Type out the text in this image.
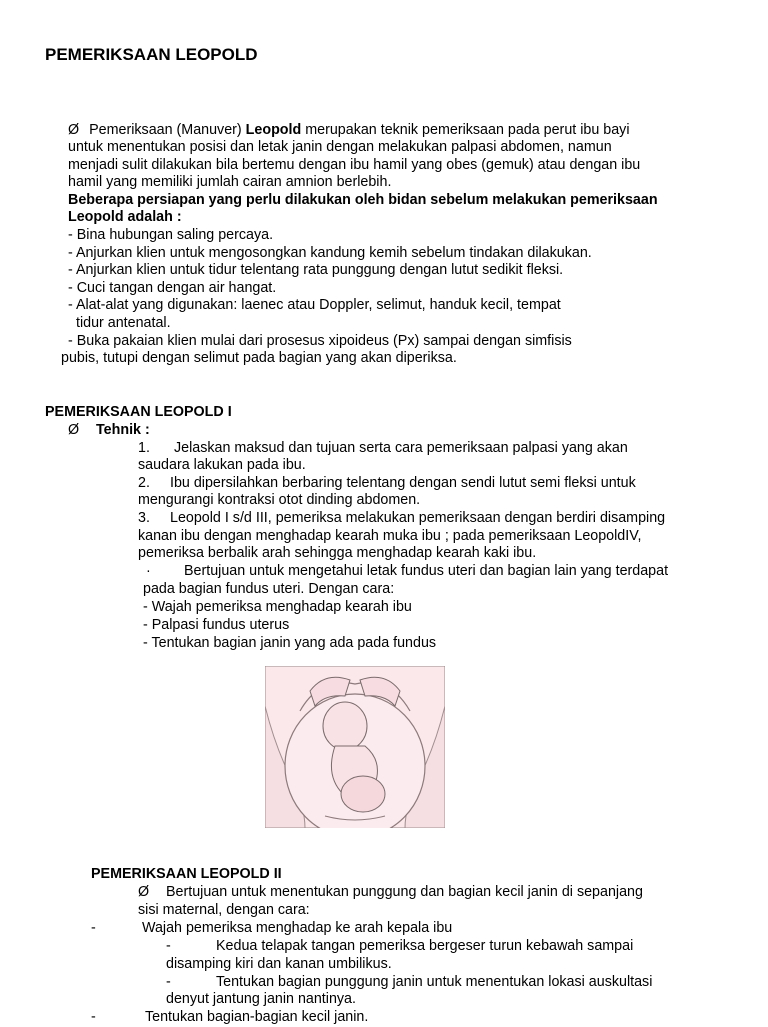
PEMERIKSAAN LEOPOLD
Ø Pemeriksaan (Manuver) Leopold merupakan teknik pemeriksaan pada perut ibu bayi
untuk menentukan posisi dan letak janin dengan melakukan palpasi abdomen, namun
menjadi sulit dilakukan bila bertemu dengan ibu hamil yang obes (gemuk) atau dengan ibu
hamil yang memiliki jumlah cairan amnion berlebih.
Beberapa persiapan yang perlu dilakukan oleh bidan sebelum melakukan pemeriksaan
Leopold adalah :
- Bina hubungan saling percaya.
- Anjurkan klien untuk mengosongkan kandung kemih sebelum tindakan dilakukan.
- Anjurkan klien untuk tidur telentang rata punggung dengan lutut sedikit fleksi.
- Cuci tangan dengan air hangat.
- Alat-alat yang digunakan: laenec atau Doppler, selimut, handuk kecil, tempat
tidur antenatal.
- Buka pakaian klien mulai dari prosesus xipoideus (Px) sampai dengan simfisis
pubis, tutupi dengan selimut pada bagian yang akan diperiksa.
PEMERIKSAAN LEOPOLD I
Ø Tehnik :
1. Jelaskan maksud dan tujuan serta cara pemeriksaan palpasi yang akan
saudara lakukan pada ibu.
2. Ibu dipersilahkan berbaring telentang dengan sendi lutut semi fleksi untuk
mengurangi kontraksi otot dinding abdomen.
3. Leopold I s/d III, pemeriksa melakukan pemeriksaan dengan berdiri disamping
kanan ibu dengan menghadap kearah muka ibu ; pada pemeriksaan LeopoldIV,
pemeriksa berbalik arah sehingga menghadap kearah kaki ibu.
· Bertujuan untuk mengetahui letak fundus uteri dan bagian lain yang terdapat
pada bagian fundus uteri. Dengan cara:
- Wajah pemeriksa menghadap kearah ibu
- Palpasi fundus uterus
- Tentukan bagian janin yang ada pada fundus
PEMERIKSAAN LEOPOLD II
Ø Bertujuan untuk menentukan punggung dan bagian kecil janin di sepanjang
sisi maternal, dengan cara:
-	Wajah pemeriksa menghadap ke arah kepala ibu
-	Kedua telapak tangan pemeriksa bergeser turun kebawah sampai
disamping kiri dan kanan umbilikus.
-	Tentukan bagian punggung janin untuk menentukan lokasi auskultasi
denyut jantung janin nantinya.
-	Tentukan bagian-bagian kecil janin.
